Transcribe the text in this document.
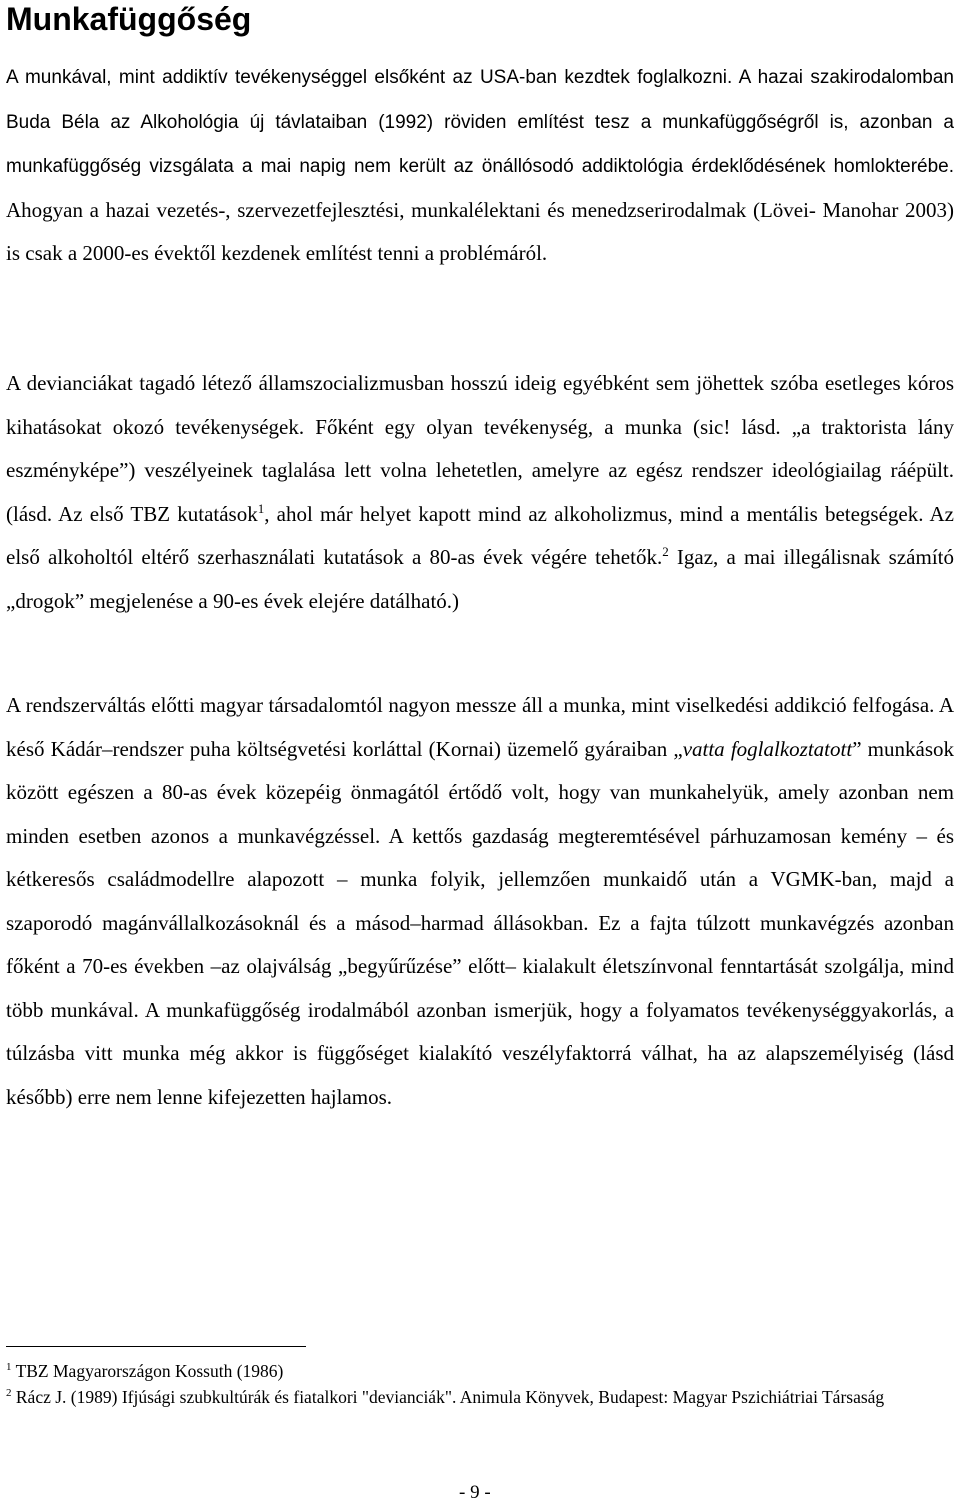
Munkafüggőség

A munkával, mint addiktív tevékenységgel elsőként az USA-ban kezdtek foglalkozni. A hazai szakirodalomban Buda Béla az Alkohológia új távlataiban (1992) röviden említést tesz a munkafüggőségről is, azonban a munkafüggőség vizsgálata a mai napig nem került az önállósodó addiktológia érdeklődésének homlokterébe. Ahogyan a hazai vezetés-, szervezetfejlesztési, munkalélektani és menedzserirodalmak (Lövei- Manohar 2003) is csak a 2000-es évektől kezdenek említést tenni a problémáról.

A devianciákat tagadó létező államszocializmusban hosszú ideig egyébként sem jöhettek szóba esetleges kóros kihatásokat okozó tevékenységek. Főként egy olyan tevékenység, a munka (sic! lásd. „a traktorista lány eszményképe”) veszélyeinek taglalása lett volna lehetetlen, amelyre az egész rendszer ideológiailag ráépült. (lásd. Az első TBZ kutatások$^1$, ahol már helyet kapott mind az alkoholizmus, mind a mentális betegségek. Az első alkoholtól eltérő szerhasználati kutatások a 80-as évek végére tehetők.$^2$ Igaz, a mai illegálisnak számító „drogok” megjelenése a 90-es évek elejére datálható.)

A rendszerváltás előtti magyar társadalomtól nagyon messze áll a munka, mint viselkedési addikció felfogása. A késő Kádár–rendszer puha költségvetési korláttal (Kornai) üzemelő gyáraiban „vatta foglalkoztatott” munkások között egészen a 80-as évek közepéig önmagától értődő volt, hogy van munkahelyük, amely azonban nem minden esetben azonos a munkavégzéssel. A kettős gazdaság megteremtésével párhuzamosan kemény – és kétkeresős családmodellre alapozott – munka folyik, jellemzően munkaidő után a VGMK-ban, majd a szaporodó magánvállalkozásoknál és a másod–harmad állásokban. Ez a fajta túlzott munkavégzés azonban főként a 70-es években –az olajválság „begyűrűzése” előtt– kialakult életszínvonal fenntartását szolgálja, mind több munkával. A munkafüggőség irodalmából azonban ismerjük, hogy a folyamatos tevékenységgyakorlás, a túlzásba vitt munka még akkor is függőséget kialakító veszélyfaktorrá válhat, ha az alapszemélyiség (lásd később) erre nem lenne kifejezetten hajlamos.

$^1$ TBZ Magyarországon Kossuth (1986)

$^2$ Rácz J. (1989) Ifjúsági szubkultúrák és fiatalkori "devianciák". Animula Könyvek, Budapest: Magyar Pszichiátriai Társaság

- 9 -
